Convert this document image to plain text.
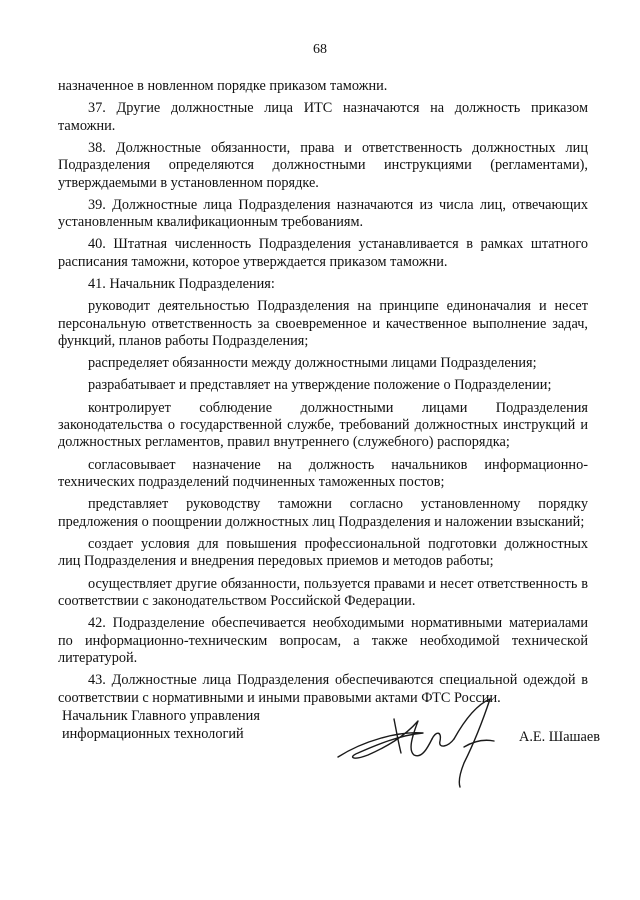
68

назначенное в новленном порядке приказом таможни.

37. Другие должностные лица ИТС назначаются на должность приказом таможни.

38. Должностные обязанности, права и ответственность должностных лиц Подразделения определяются должностными инструкциями (регламентами), утверждаемыми в установленном порядке.

39. Должностные лица Подразделения назначаются из числа лиц, отвечающих установленным квалификационным требованиям.

40. Штатная численность Подразделения устанавливается в рамках штатного расписания таможни, которое утверждается приказом таможни.

41. Начальник Подразделения:

руководит деятельностью Подразделения на принципе единоначалия и несет персональную ответственность за своевременное и качественное выполнение задач, функций, планов работы Подразделения;

распределяет обязанности между должностными лицами Подразделения;

разрабатывает и представляет на утверждение положение о Подразделении;

контролирует соблюдение должностными лицами Подразделения законодательства о государственной службе, требований должностных инструкций и должностных регламентов, правил внутреннего (служебного) распорядка;

согласовывает назначение на должность начальников информационно-технических подразделений подчиненных таможенных постов;

представляет руководству таможни согласно установленному порядку предложения о поощрении должностных лиц Подразделения и наложении взысканий;

создает условия для повышения профессиональной подготовки должностных лиц Подразделения и внедрения передовых приемов и методов работы;

осуществляет другие обязанности, пользуется правами и несет ответственность в соответствии с законодательством Российской Федерации.

42. Подразделение обеспечивается необходимыми нормативными материалами по информационно-техническим вопросам, а также необходимой технической литературой.

43. Должностные лица Подразделения обеспечиваются специальной одеждой в соответствии с нормативными и иными правовыми актами ФТС России.

Начальник Главного управления
информационных технологий	А.Е. Шашаев
